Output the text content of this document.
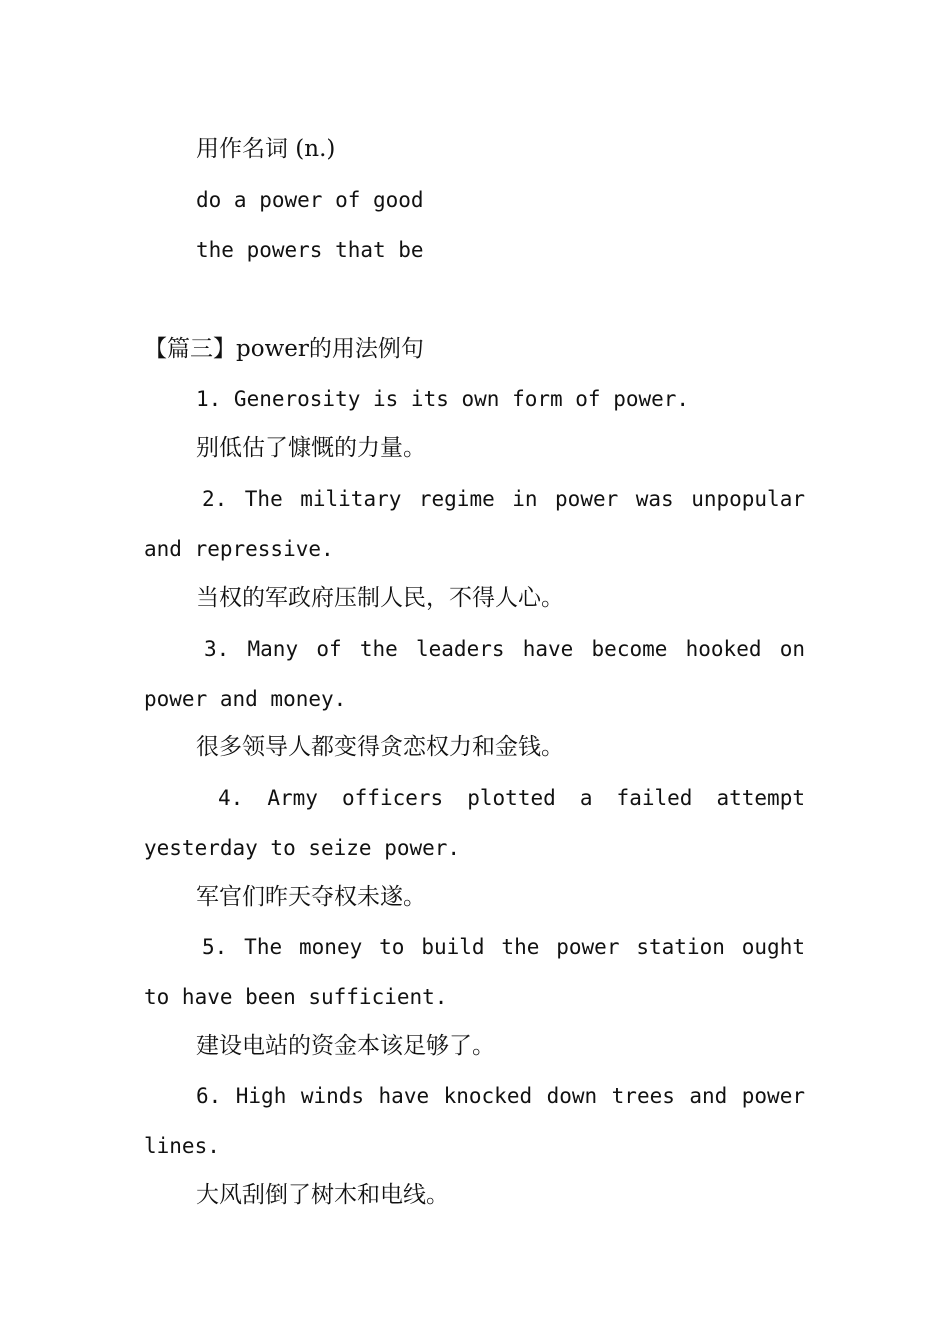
用作名词 (n.)
do a power of good
the powers that be
【篇三】power的用法例句
1. Generosity is its own form of power.
别低估了慷慨的力量。
2. The military regime in power was unpopular
and repressive.
当权的军政府压制人民，不得人心。
3. Many of the leaders have become hooked on
power and money.
很多领导人都变得贪恋权力和金钱。
4. Army officers plotted a failed attempt
yesterday to seize power.
军官们昨天夺权未遂。
5. The money to build the power station ought
to have been sufficient.
建设电站的资金本该足够了。
6. High winds have knocked down trees and power
lines.
大风刮倒了树木和电线。
